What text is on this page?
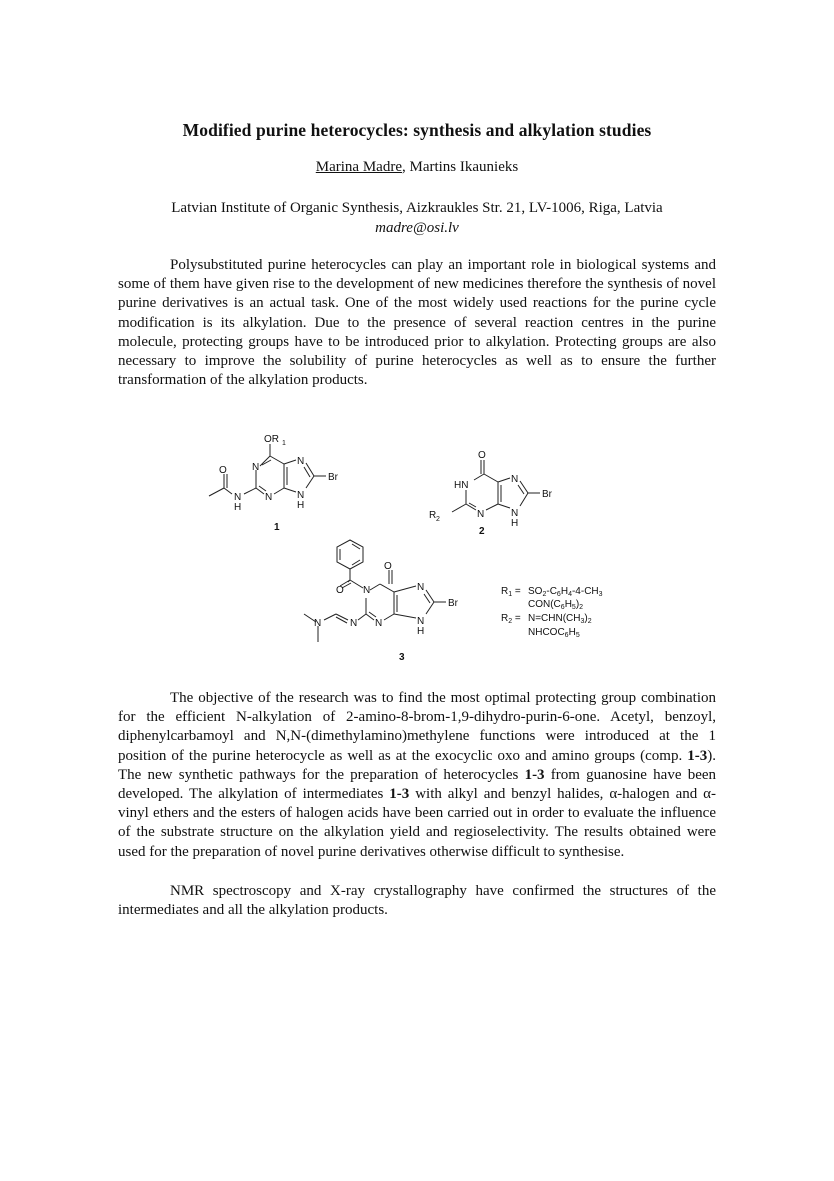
Modified purine heterocycles: synthesis and alkylation studies
Marina Madre, Martins Ikaunieks
Latvian Institute of Organic Synthesis, Aizkraukles Str. 21, LV-1006, Riga, Latvia
madre@osi.lv

Polysubstituted purine heterocycles can play an important role in biological systems and some of them have given rise to the development of new medicines therefore the synthesis of novel purine derivatives is an actual task. One of the most widely used reactions for the purine cycle modification is its alkylation. Due to the presence of several reaction centres in the purine molecule, protecting groups have to be introduced prior to alkylation. Protecting groups are also necessary to improve the solubility of purine heterocycles as well as to ensure the further transformation of the alkylation products.

OR 1
O	N
N
N
H
N
N
H
Br
1
O
HN
N
N
N
H
Br
R 2
2
O
O N
N
N
N
N
N
H
Br
3
$R_1 = SO_2-C_6H_4-4-CH_3$
$CON(C_6H_5)_2$
$R_2 = N=CHN(CH_3)_2$
$NHCOC_6H_5$

The objective of the research was to find the most optimal protecting group combination for the efficient N-alkylation of 2-amino-8-brom-1,9-dihydro-purin-6-one. Acetyl, benzoyl, diphenylcarbamoyl and N,N-(dimethylamino)methylene functions were introduced at the 1 position of the purine heterocycle as well as at the exocyclic oxo and amino groups (comp. 1-3). The new synthetic pathways for the preparation of heterocycles 1-3 from guanosine have been developed. The alkylation of intermediates 1-3 with alkyl and benzyl halides, α-halogen and α-vinyl ethers and the esters of halogen acids have been carried out in order to evaluate the influence of the substrate structure on the alkylation yield and regioselectivity. The results obtained were used for the preparation of novel purine derivatives otherwise difficult to synthesise.

NMR spectroscopy and X-ray crystallography have confirmed the structures of the intermediates and all the alkylation products.
